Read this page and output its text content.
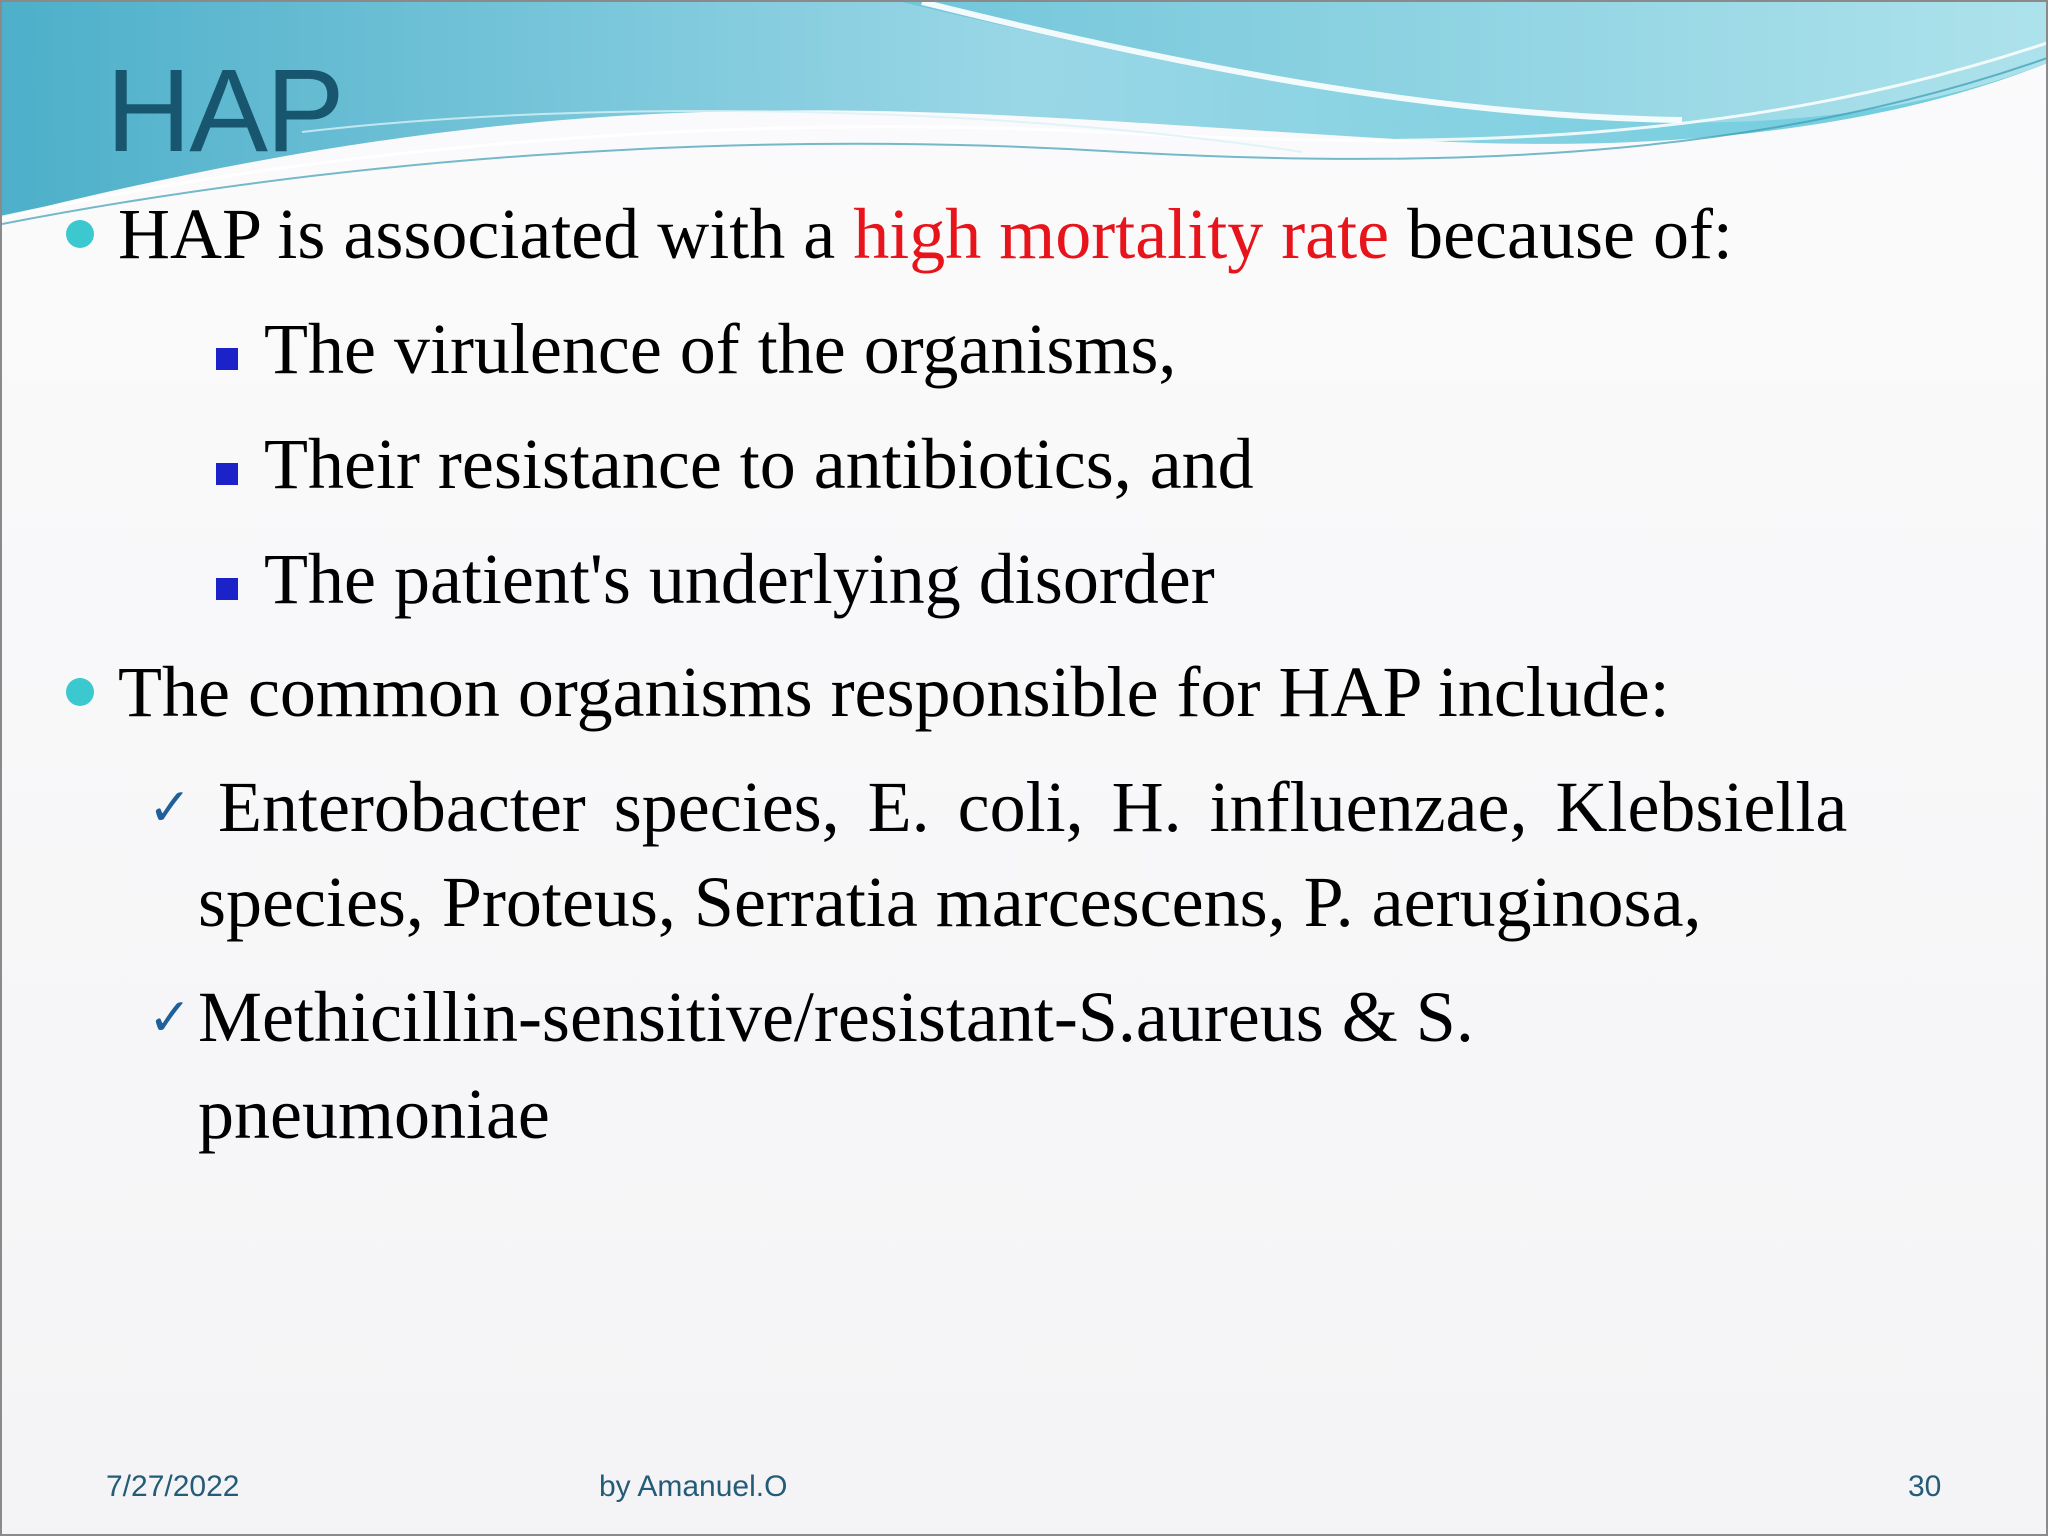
HAP
HAP is associated with a high mortality rate because of:
The virulence of the organisms,
Their resistance to antibiotics, and
The patient's underlying disorder
The common organisms responsible for HAP include:
✓ Enterobacter species, E. coli, H. influenzae, Klebsiella
species, Proteus, Serratia marcescens, P. aeruginosa,
✓ Methicillin-sensitive/resistant-S.aureus & S.
pneumoniae
7/27/2022	by Amanuel.O	30
